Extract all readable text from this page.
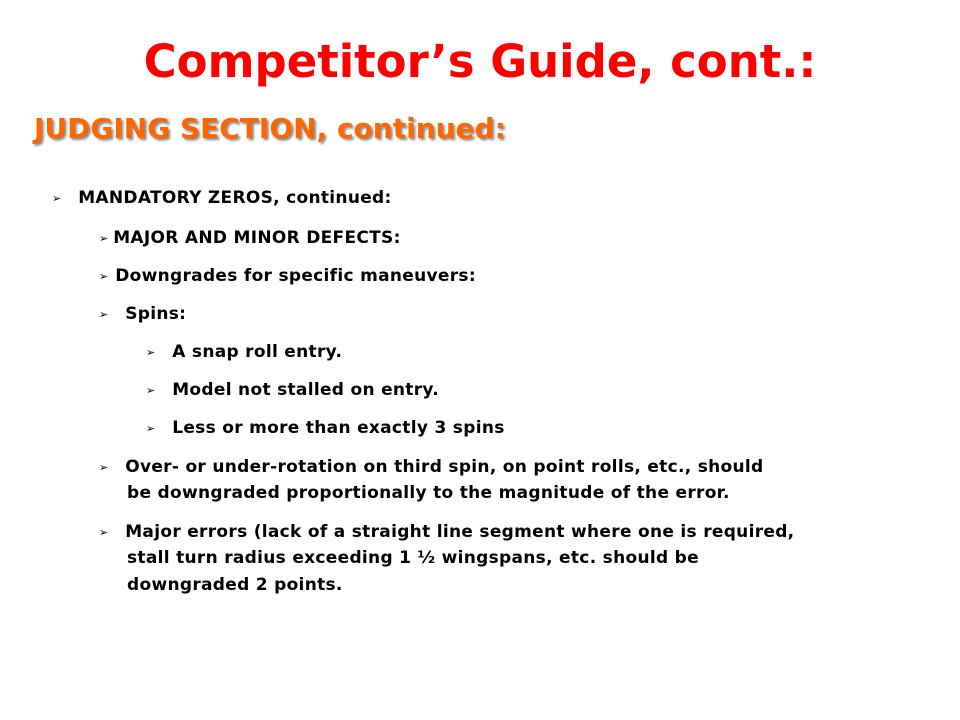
Competitor’s Guide, cont.:
JUDGING SECTION, continued:
➢ MANDATORY ZEROS, continued:
➢ MAJOR AND MINOR DEFECTS:
➢ Downgrades for specific maneuvers:
➢ Spins:
➢ A snap roll entry.
➢ Model not stalled on entry.
➢ Less or more than exactly 3 spins
➢ Over- or under-rotation on third spin, on point rolls, etc., should
be downgraded proportionally to the magnitude of the error.
➢ Major errors (lack of a straight line segment where one is required,
stall turn radius exceeding 1 ½ wingspans, etc. should be
downgraded 2 points.
